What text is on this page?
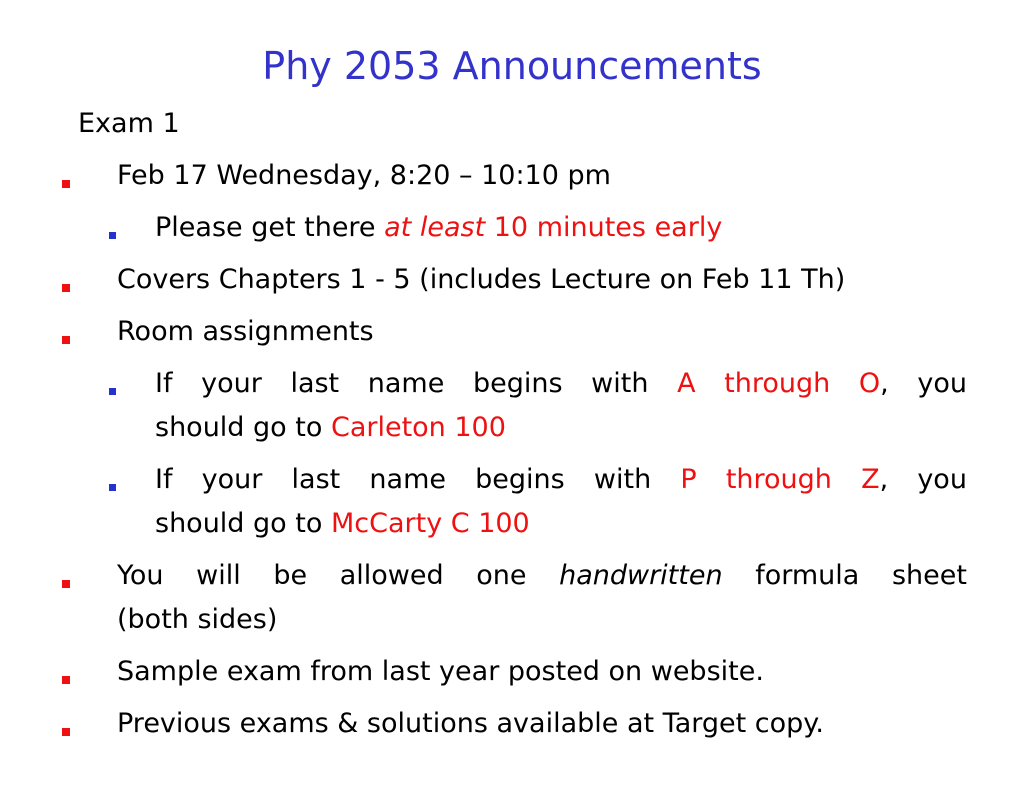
Phy 2053 Announcements
Exam 1
Feb 17 Wednesday, 8:20 – 10:10 pm
Please get there at least 10 minutes early
Covers Chapters 1 - 5 (includes Lecture on Feb 11 Th)
Room assignments
If your last name begins with A through O, you
should go to Carleton 100
If your last name begins with P through Z, you
should go to McCarty C 100
You will be allowed one handwritten formula sheet
(both sides)
Sample exam from last year posted on website.
Previous exams & solutions available at Target copy.
